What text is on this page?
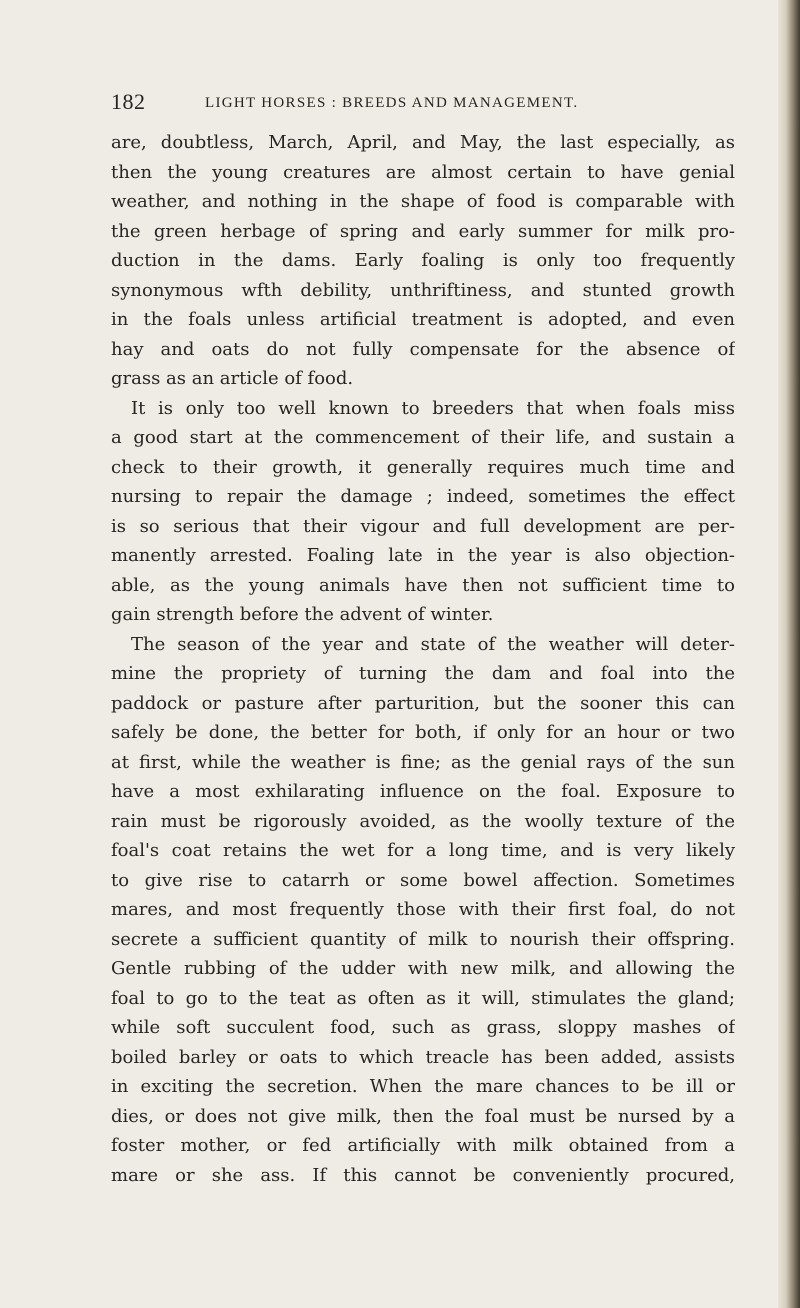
182	LIGHT HORSES : BREEDS AND MANAGEMENT.
are, doubtless, March, April, and May, the last especially, as
then the young creatures are almost certain to have genial
weather, and nothing in the shape of food is comparable with
the green herbage of spring and early summer for milk pro-
duction in the dams. Early foaling is only too frequently
synonymous wfth debility, unthriftiness, and stunted growth
in the foals unless artificial treatment is adopted, and even
hay and oats do not fully compensate for the absence of
grass as an article of food.
It is only too well known to breeders that when foals miss
a good start at the commencement of their life, and sustain a
check to their growth, it generally requires much time and
nursing to repair the damage ; indeed, sometimes the effect
is so serious that their vigour and full development are per-
manently arrested. Foaling late in the year is also objection-
able, as the young animals have then not sufficient time to
gain strength before the advent of winter.
The season of the year and state of the weather will deter-
mine the propriety of turning the dam and foal into the
paddock or pasture after parturition, but the sooner this can
safely be done, the better for both, if only for an hour or two
at first, while the weather is fine; as the genial rays of the sun
have a most exhilarating influence on the foal. Exposure to
rain must be rigorously avoided, as the woolly texture of the
foal's coat retains the wet for a long time, and is very likely
to give rise to catarrh or some bowel affection. Sometimes
mares, and most frequently those with their first foal, do not
secrete a sufficient quantity of milk to nourish their offspring.
Gentle rubbing of the udder with new milk, and allowing the
foal to go to the teat as often as it will, stimulates the gland;
while soft succulent food, such as grass, sloppy mashes of
boiled barley or oats to which treacle has been added, assists
in exciting the secretion. When the mare chances to be ill or
dies, or does not give milk, then the foal must be nursed by a
foster mother, or fed artificially with milk obtained from a
mare or she ass. If this cannot be conveniently procured,
